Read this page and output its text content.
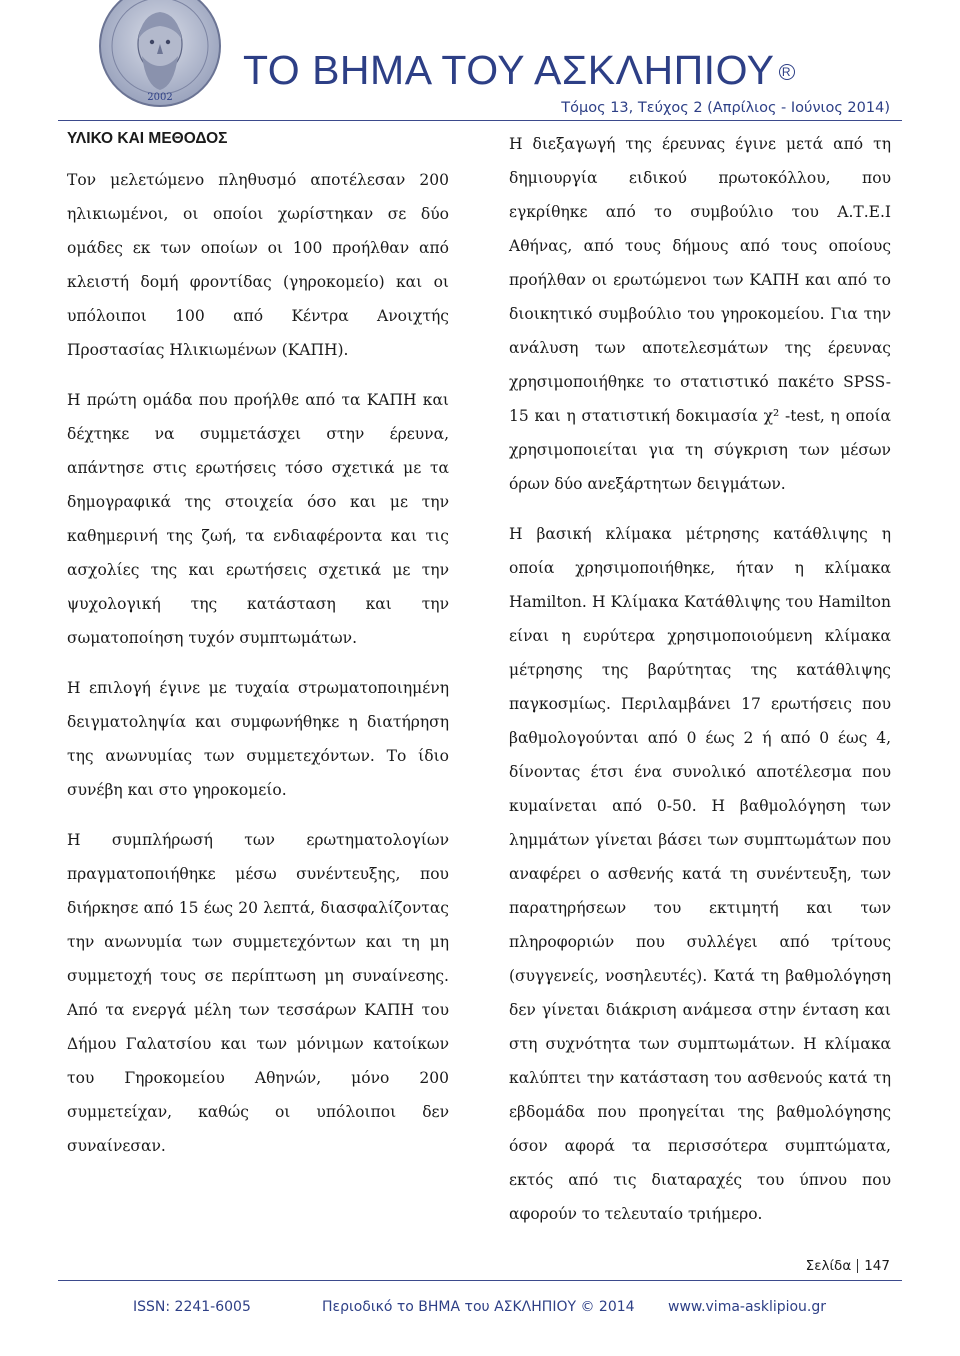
2002
ΤΟ ΒΗΜΑ ΤΟΥ ΑΣΚΛΗΠΙΟΥ R
Τόμος 13, Τεύχος 2 (Απρίλιος - Ιούνιος 2014)
ΥΛΙΚΟ ΚΑΙ ΜΕΘΟΔΟΣ

Τον μελετώμενο πληθυσμό αποτέλεσαν 200 ηλικιωμένοι, οι οποίοι χωρίστηκαν σε δύο ομάδες εκ των οποίων οι 100 προήλθαν από κλειστή δομή φροντίδας (γηροκομείο) και οι υπόλοιποι 100 από Κέντρα Ανοιχτής Προστασίας Ηλικιωμένων (ΚΑΠΗ).

Η πρώτη ομάδα που προήλθε από τα ΚΑΠΗ και δέχτηκε να συμμετάσχει στην έρευνα, απάντησε στις ερωτήσεις τόσο σχετικά με τα δημογραφικά της στοιχεία όσο και με την καθημερινή της ζωή, τα ενδιαφέροντα και τις ασχολίες της και ερωτήσεις σχετικά με την ψυχολογική της κατάσταση και την σωματοποίηση τυχόν συμπτωμάτων.

Η επιλογή έγινε με τυχαία στρωματοποιημένη δειγματοληψία και συμφωνήθηκε η διατήρηση της ανωνυμίας των συμμετεχόντων. Το ίδιο συνέβη και στο γηροκομείο.

Η συμπλήρωσή των ερωτηματολογίων πραγματοποιήθηκε μέσω συνέντευξης, που διήρκησε από 15 έως 20 λεπτά, διασφαλίζοντας την ανωνυμία των συμμετεχόντων και τη μη συμμετοχή τους σε περίπτωση μη συναίνεσης. Από τα ενεργά μέλη των τεσσάρων ΚΑΠΗ του Δήμου Γαλατσίου και των μόνιμων κατοίκων του Γηροκομείου Αθηνών, μόνο 200 συμμετείχαν, καθώς οι υπόλοιποι δεν συναίνεσαν.

Η διεξαγωγή της έρευνας έγινε μετά από τη δημιουργία ειδικού πρωτοκόλλου, που εγκρίθηκε από το συμβούλιο του Α.Τ.Ε.Ι Αθήνας, από τους δήμους από τους οποίους προήλθαν οι ερωτώμενοι των ΚΑΠΗ και από το διοικητικό συμβούλιο του γηροκομείου. Για την ανάλυση των αποτελεσμάτων της έρευνας χρησιμοποιήθηκε το στατιστικό πακέτο SPSS-15 και η στατιστική δοκιμασία χ² -test, η οποία χρησιμοποιείται για τη σύγκριση των μέσων όρων δύο ανεξάρτητων δειγμάτων.

Η βασική κλίμακα μέτρησης κατάθλιψης η οποία χρησιμοποιήθηκε, ήταν η κλίμακα Hamilton. Η Κλίμακα Κατάθλιψης του Hamilton είναι η ευρύτερα χρησιμοποιούμενη κλίμακα μέτρησης της βαρύτητας της κατάθλιψης παγκοσμίως. Περιλαμβάνει 17 ερωτήσεις που βαθμολογούνται από 0 έως 2 ή από 0 έως 4, δίνοντας έτσι ένα συνολικό αποτέλεσμα που κυμαίνεται από 0-50. Η βαθμολόγηση των λημμάτων γίνεται βάσει των συμπτωμάτων που αναφέρει ο ασθενής κατά τη συνέντευξη, των παρατηρήσεων του εκτιμητή και των πληροφοριών που συλλέγει από τρίτους (συγγενείς, νοσηλευτές). Κατά τη βαθμολόγηση δεν γίνεται διάκριση ανάμεσα στην ένταση και στη συχνότητα των συμπτωμάτων. Η κλίμακα καλύπτει την κατάσταση του ασθενούς κατά τη εβδομάδα που προηγείται της βαθμολόγησης όσον αφορά τα περισσότερα συμπτώματα, εκτός από τις διαταραχές του ύπνου που αφορούν το τελευταίο τριήμερο.

Σελίδα 147
ISSN: 2241-6005	Περιοδικό το ΒΗΜΑ του ΑΣΚΛΗΠΙΟΥ © 2014 www.vima-asklipiou.gr
